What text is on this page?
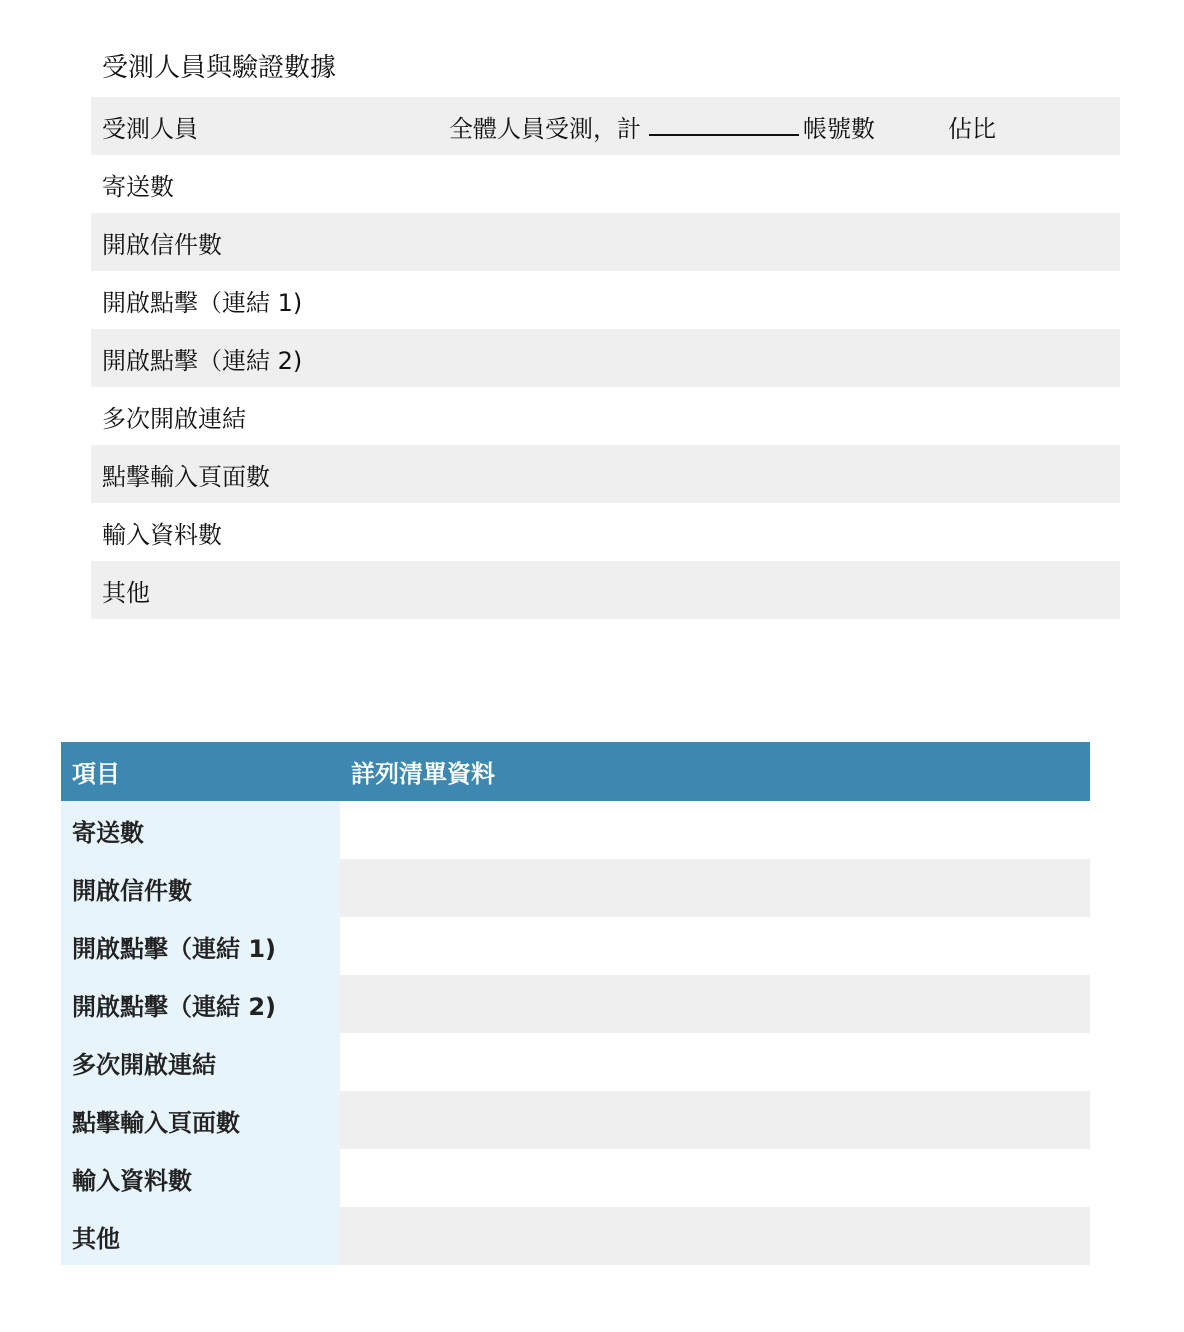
受測人員與驗證數據
受測人員	全體人員受測，計	帳號數	佔比
寄送數
開啟信件數
開啟點擊（連結 1)
開啟點擊（連結 2)
多次開啟連結
點擊輸入頁面數
輸入資料數
其他
項目	詳列清單資料
寄送數
開啟信件數
開啟點擊（連結 1)
開啟點擊（連結 2)
多次開啟連結
點擊輸入頁面數
輸入資料數
其他
